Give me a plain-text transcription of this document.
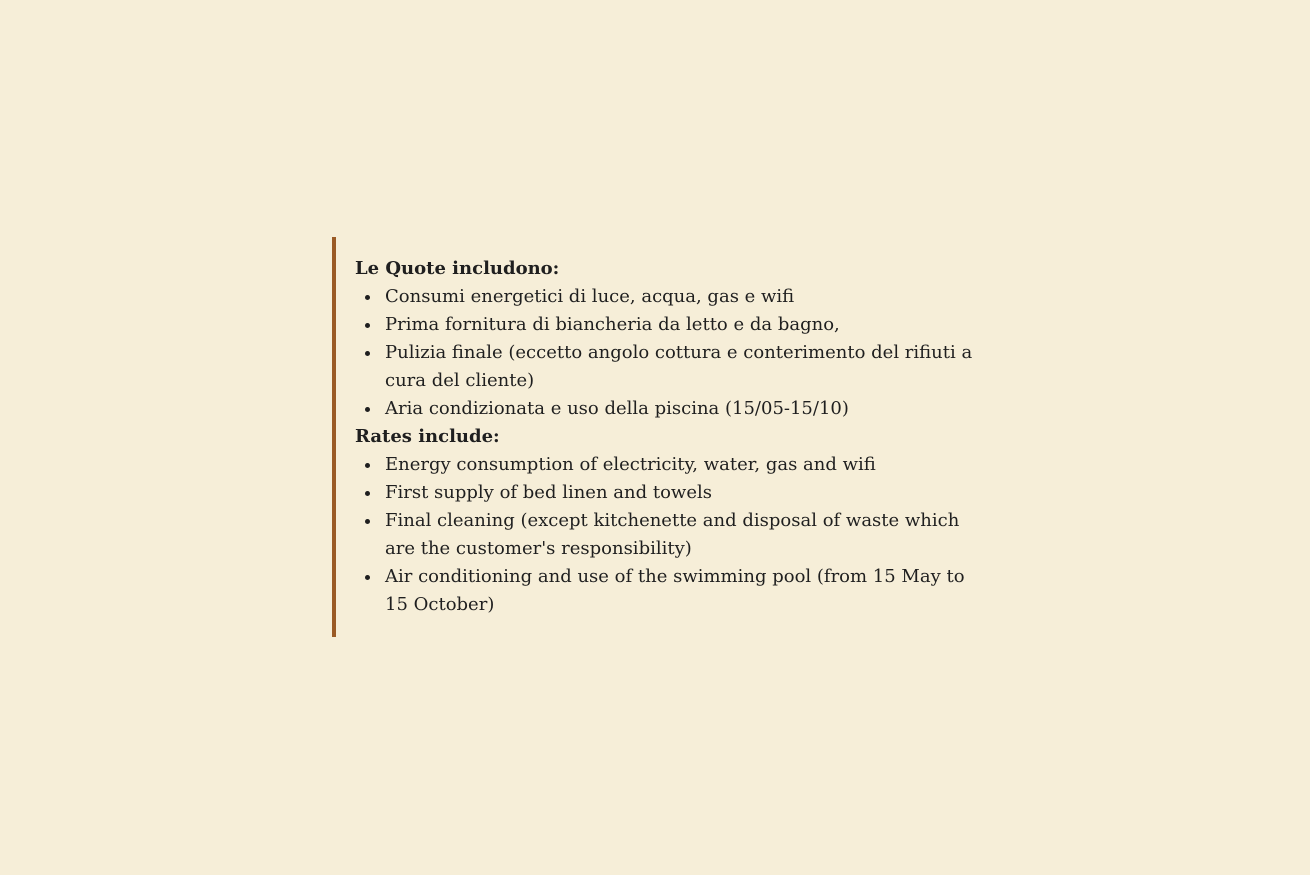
Le Quote includono:

Consumi energetici di luce, acqua, gas e wifi
Prima fornitura di biancheria da letto e da bagno,
Pulizia finale (eccetto angolo cottura e conterimento del rifiuti a cura del cliente)
Aria condizionata e uso della piscina (15/05-15/10)

Rates include:

Energy consumption of electricity, water, gas and wifi
First supply of bed linen and towels
Final cleaning (except kitchenette and disposal of waste which are the customer's responsibility)
Air conditioning and use of the swimming pool (from 15 May to 15 October)
